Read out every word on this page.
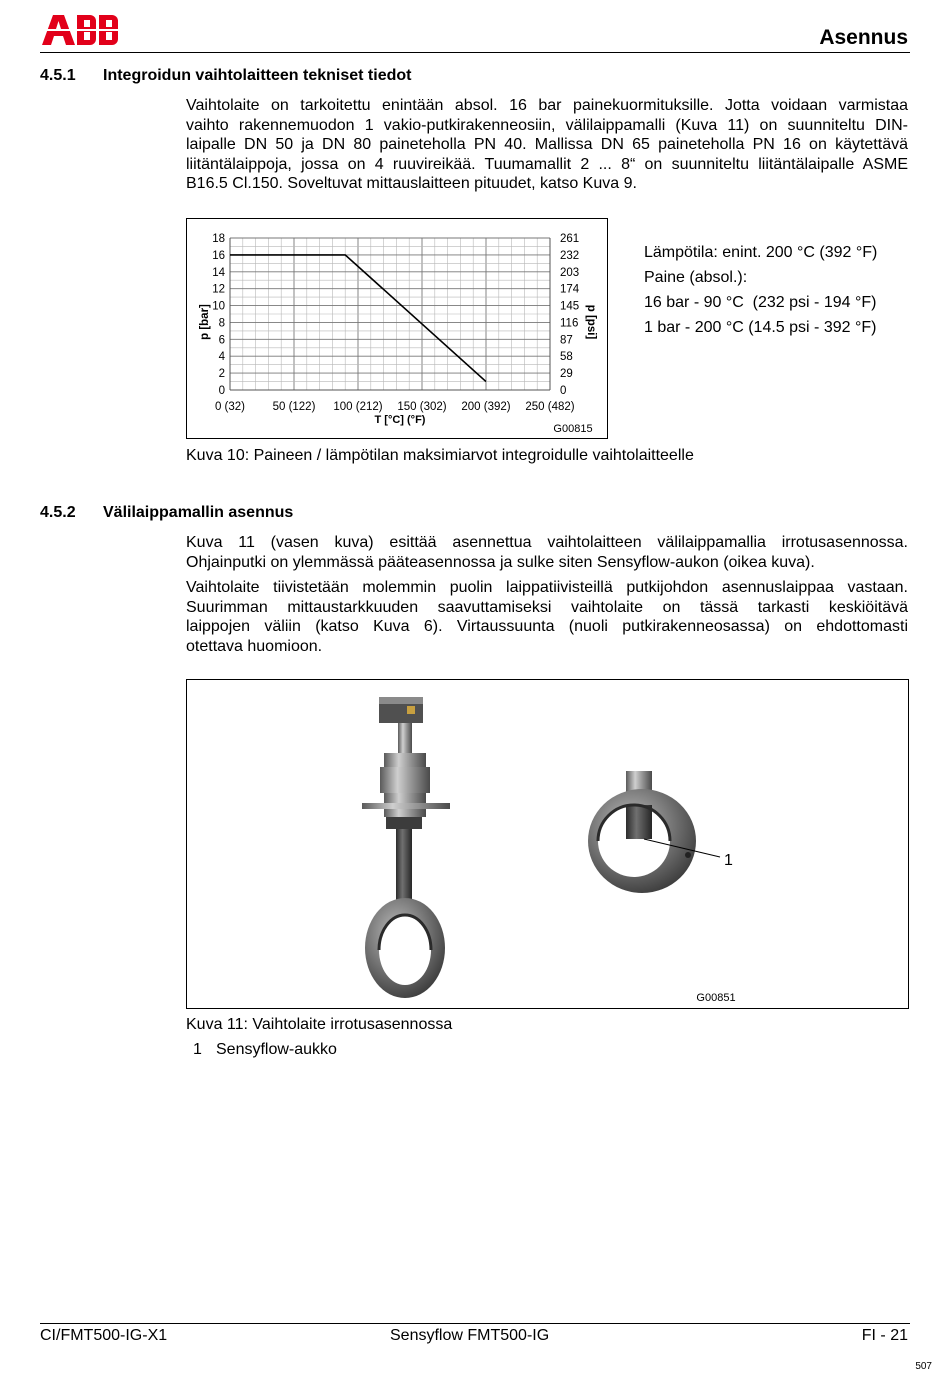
Asennus
4.5.1 Integroidun vaihtolaitteen tekniset tiedot
Vaihtolaite on tarkoitettu enintään absol. 16 bar painekuormituksille. Jotta voidaan varmistaa
vaihto rakennemuodon 1 vakio-putkirakenneosiin, välilaippamalli (Kuva 11) on suunniteltu DIN-
laipalle DN 50 ja DN 80 paineteholla PN 40. Mallissa DN 65 paineteholla PN 16 on käytettävä
liitäntälaippoja, jossa on 4 ruuvireikää. Tuumamallit 2 ... 8“ on suunniteltu liitäntälaipalle ASME
B16.5 Cl.150. Soveltuvat mittauslaitteen pituudet, katso Kuva 9.
0
2
4
6
8
10
12
14
16
18
0
29
58
87
116
145
174
203
232
261
0 (32) 50 (122) 100 (212) 150 (302) 200 (392) 250 (482)
p [bar]	p [psi]
T [°C] (°F)
G00815
Lämpötila: enint. 200 °C (392 °F)
Paine (absol.):
16 bar - 90 °C  (232 psi - 194 °F)
1 bar - 200 °C (14.5 psi - 392 °F)
Kuva 10: Paineen / lämpötilan maksimiarvot integroidulle vaihtolaitteelle
4.5.2 Välilaippamallin asennus
Kuva 11 (vasen kuva) esittää asennettua vaihtolaitteen välilaippamallia irrotusasennossa.
Ohjainputki on ylemmässä pääteasennossa ja sulke siten Sensyflow-aukon (oikea kuva).
Vaihtolaite tiivistetään molemmin puolin laippatiivisteillä putkijohdon asennuslaippaa vastaan.
Suurimman mittaustarkkuuden saavuttamiseksi vaihtolaite on tässä tarkasti keskiöitävä
laippojen väliin (katso Kuva 6). Virtaussuunta (nuoli putkirakenneosassa) on ehdottomasti
otettava huomioon.
1
G00851
Kuva 11: Vaihtolaite irrotusasennossa
1 Sensyflow-aukko
CI/FMT500-IG-X1	Sensyflow FMT500-IG	FI - 21
507
